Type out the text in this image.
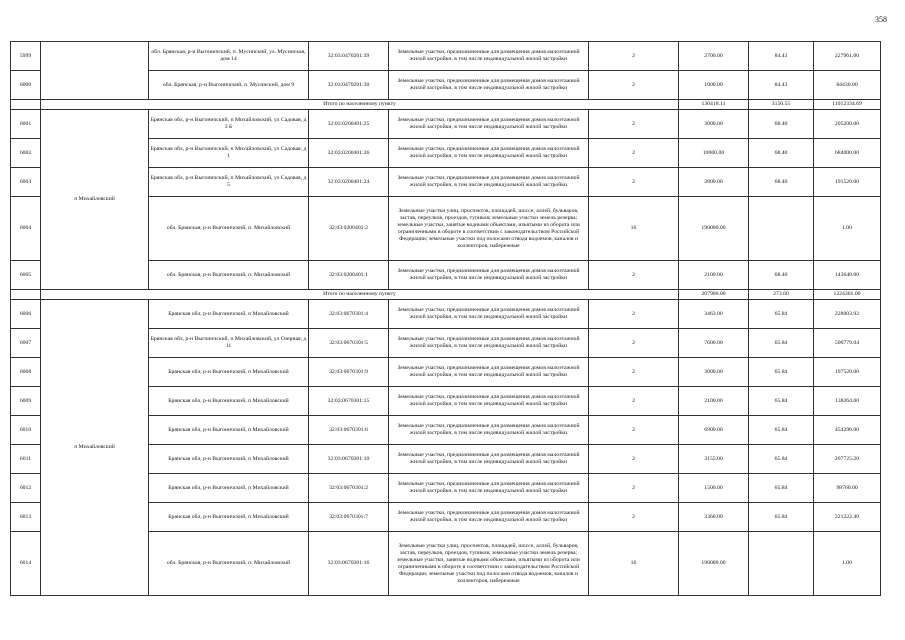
358
5999		обл. Брянская, р-н Выгоничский, п. Мусинский, ул. Мусинская, дом 14	32:03:0470201:39	Земельные участки, предназначенные для размещения домов малоэтажной жилой застройки, в том числе индивидуальной жилой застройки	2	2700.00	84.43	227961.00
6000		обл. Брянская, р-н Выгоничский, п. Мусинский, дом 9	32:03:0470201:30	Земельные участки, предназначенные для размещения домов малоэтажной жилой застройки, в том числе индивидуальной жилой застройки	2	1000.00	84.43	84430.00
	Итого по населенному пункту					130418.11	3150.55	11012334.69
6001	п Михайловский	Брянская обл, р-н Выгоничский, п Михайловский, ул Садовая, д 3 Б	32:03:0200401:25	Земельные участки, предназначенные для размещения домов малоэтажной жилой застройки, в том числе индивидуальной жилой застройки	2	3000.00	68.40	205200.00
6002		Брянская обл, р-н Выгоничский, п Михайловский, ул Садовая, д 1	32:03:0200401:26	Земельные участки, предназначенные для размещения домов малоэтажной жилой застройки, в том числе индивидуальной жилой застройки	2	10000.00	68.40	684000.00
6003		Брянская обл, р-н Выгоничский, п Михайловский, ул Садовая, д 5	32:03:0200401:24	Земельные участки, предназначенные для размещения домов малоэтажной жилой застройки, в том числе индивидуальной жилой застройки	2	2800.00	68.40	191520.00
6004		обл. Брянская, р-н Выгоничский, п. Михайловский	32:03:0200401:2	Земельные участки улиц, проспектов, площадей, шоссе, аллей, бульваров, застав, переулков, проездов, тупиков; земельные участки земель резерва; земельные участки, занятые водными объектами, изъятыми из оборота или ограниченными в обороте в соответствии с законодательством Российской Федерации; земельные участки под полосами отвода водоемов, каналов и коллекторов, набережные	16	190000.00		1.00
6005		обл. Брянская, р-н Выгоничский, п. Михайловский	32:03:0200401:1	Земельные участки, предназначенные для размещения домов малоэтажной жилой застройки, в том числе индивидуальной жилой застройки	2	2100.00	68.40	143640.00
	Итого по населенному пункту					207900.00	273.60	1224361.00
6006	п Михайловский	Брянская обл, р-н Выгоничский, п Михайловский	32:03:0670301:4	Земельные участки, предназначенные для размещения домов малоэтажной жилой застройки, в том числе индивидуальной жилой застройки	2	3463.00	65.84	228003.92
6007		Брянская обл, р-н Выгоничский, п Михайловский, ул Озерная, д 11	32:03:0670301:5	Земельные участки, предназначенные для размещения домов малоэтажной жилой застройки, в том числе индивидуальной жилой застройки	2	7606.00	65.84	500779.04
6008		Брянская обл, р-н Выгоничский, п Михайловский	32:03:0670301:9	Земельные участки, предназначенные для размещения домов малоэтажной жилой застройки, в том числе индивидуальной жилой застройки	2	3000.00	65.84	197520.00
6009		Брянская обл, р-н Выгоничский, п Михайловский	32:03:0670301:15	Земельные участки, предназначенные для размещения домов малоэтажной жилой застройки, в том числе индивидуальной жилой застройки	2	2100.00	65.84	138264.00
6010		Брянская обл, р-н Выгоничский, п Михайловский	32:03:0670301:6	Земельные участки, предназначенные для размещения домов малоэтажной жилой застройки, в том числе индивидуальной жилой застройки	2	6900.00	65.84	454296.00
6011		Брянская обл, р-н Выгоничский, п Михайловский	32:03:0670301:10	Земельные участки, предназначенные для размещения домов малоэтажной жилой застройки, в том числе индивидуальной жилой застройки	2	3155.00	65.84	207725.20
6012		Брянская обл, р-н Выгоничский, п Михайловский	32:03:0670301:2	Земельные участки, предназначенные для размещения домов малоэтажной жилой застройки, в том числе индивидуальной жилой застройки	2	1500.00	65.84	98760.00
6013		Брянская обл, р-н Выгоничский, п Михайловский	32:03:0670301:7	Земельные участки, предназначенные для размещения домов малоэтажной жилой застройки, в том числе индивидуальной жилой застройки	2	3360.00	65.84	221222.40
6014		обл. Брянская, р-н Выгоничский, п. Михайловский	32:03:0670301:16	Земельные участки улиц, проспектов, площадей, шоссе, аллей, бульваров, застав, переулков, проездов, тупиков; земельные участки земель резерва; земельные участки, занятые водными объектами, изъятыми из оборота или ограниченными в обороте в соответствии с законодательством Российской Федерации; земельные участки под полосами отвода водоемов, каналов и коллекторов, набережные	16	190000.00		1.00
